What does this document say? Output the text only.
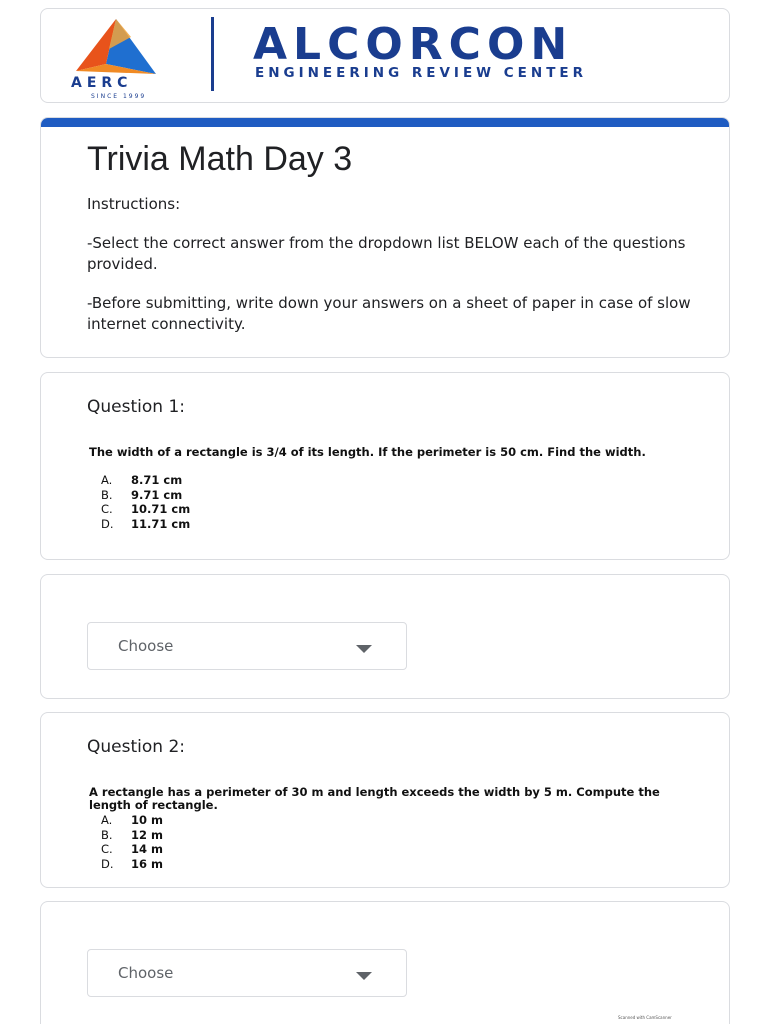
AERC
SINCE 1999
ALCORCON
ENGINEERING REVIEW CENTER
Trivia Math Day 3
Instructions:
-Select the correct answer from the dropdown list BELOW each of the questions provided.
-Before submitting, write down your answers on a sheet of paper in case of slow internet connectivity.
Question 1:
The width of a rectangle is 3/4 of its length. If the perimeter is 50 cm. Find the width.
A.	8.71 cm
B.	9.71 cm
C.	10.71 cm
D.	11.71 cm
Choose
Question 2:
A rectangle has a perimeter of 30 m and length exceeds the width by 5 m. Compute the length of rectangle.
A.	10 m
B.	12 m
C.	14 m
D.	16 m
Choose
Scanned with CamScanner
